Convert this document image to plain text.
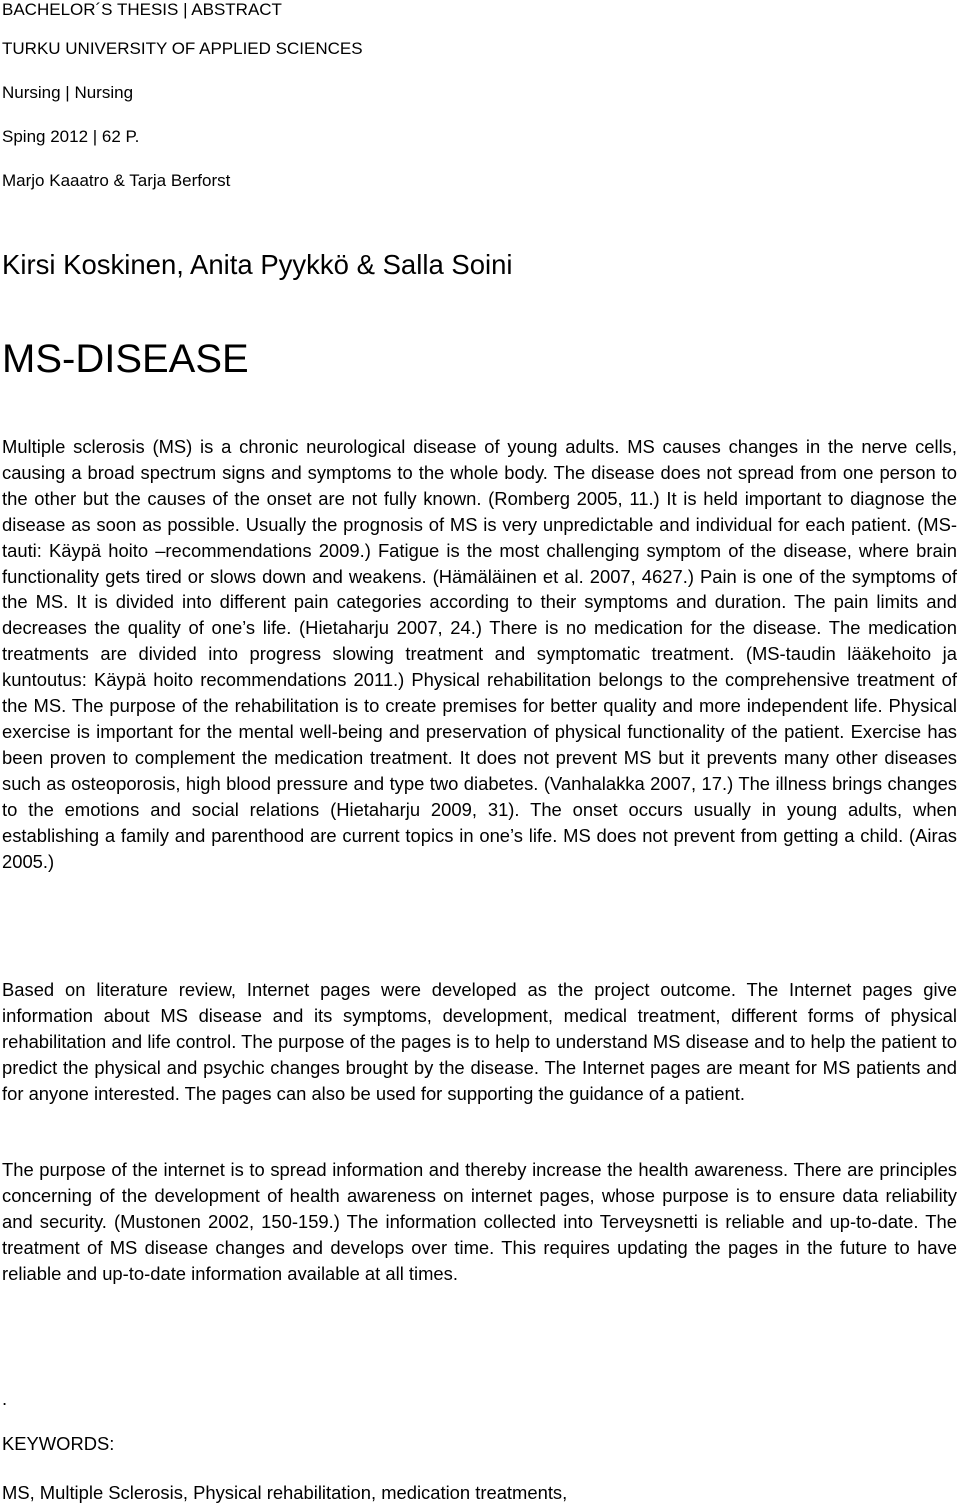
BACHELOR´S THESIS | ABSTRACT
TURKU UNIVERSITY OF APPLIED SCIENCES
Nursing | Nursing
Sping 2012 | 62 P.
Marjo Kaaatro & Tarja Berforst
Kirsi Koskinen, Anita Pyykkö & Salla Soini
MS-DISEASE

Multiple sclerosis (MS) is a chronic neurological disease of young adults. MS causes changes in the nerve cells, causing a broad spectrum signs and symptoms to the whole body. The disease does not spread from one person to the other but the causes of the onset are not fully known. (Romberg 2005, 11.) It is held important to diagnose the disease as soon as possible. Usually the prognosis of MS is very unpredictable and individual for each patient. (MS-tauti: Käypä hoito –recommendations 2009.) Fatigue is the most challenging symptom of the disease, where brain functionality gets tired or slows down and weakens. (Hämäläinen et al. 2007, 4627.) Pain is one of the symptoms of the MS. It is divided into different pain categories according to their symptoms and duration. The pain limits and decreases the quality of one’s life. (Hietaharju 2007, 24.) There is no medication for the disease. The medication treatments are divided into progress slowing treatment and symptomatic treatment. (MS-taudin lääkehoito ja kuntoutus: Käypä hoito recommendations 2011.) Physical rehabilitation belongs to the comprehensive treatment of the MS. The purpose of the rehabilitation is to create premises for better quality and more independent life. Physical exercise is important for the mental well-being and preservation of physical functionality of the patient. Exercise has been proven to complement the medication treatment. It does not prevent MS but it prevents many other diseases such as osteoporosis, high blood pressure and type two diabetes. (Vanhalakka 2007, 17.) The illness brings changes to the emotions and social relations (Hietaharju 2009, 31). The onset occurs usually in young adults, when establishing a family and parenthood are current topics in one’s life. MS does not prevent from getting a child. (Airas 2005.)

Based on literature review, Internet pages were developed as the project outcome. The Internet pages give information about MS disease and its symptoms, development, medical treatment, different forms of physical rehabilitation and life control. The purpose of the pages is to help to understand MS disease and to help the patient to predict the physical and psychic changes brought by the disease. The Internet pages are meant for MS patients and for anyone interested. The pages can also be used for supporting the guidance of a patient.

The purpose of the internet is to spread information and thereby increase the health awareness. There are principles concerning of the development of health awareness on internet pages, whose purpose is to ensure data reliability and security. (Mustonen 2002, 150-159.) The information collected into Terveysnetti is reliable and up-to-date. The treatment of MS disease changes and develops over time. This requires updating the pages in the future to have reliable and up-to-date information available at all times.

.
KEYWORDS:
MS, Multiple Sclerosis, Physical rehabilitation, medication treatments,
